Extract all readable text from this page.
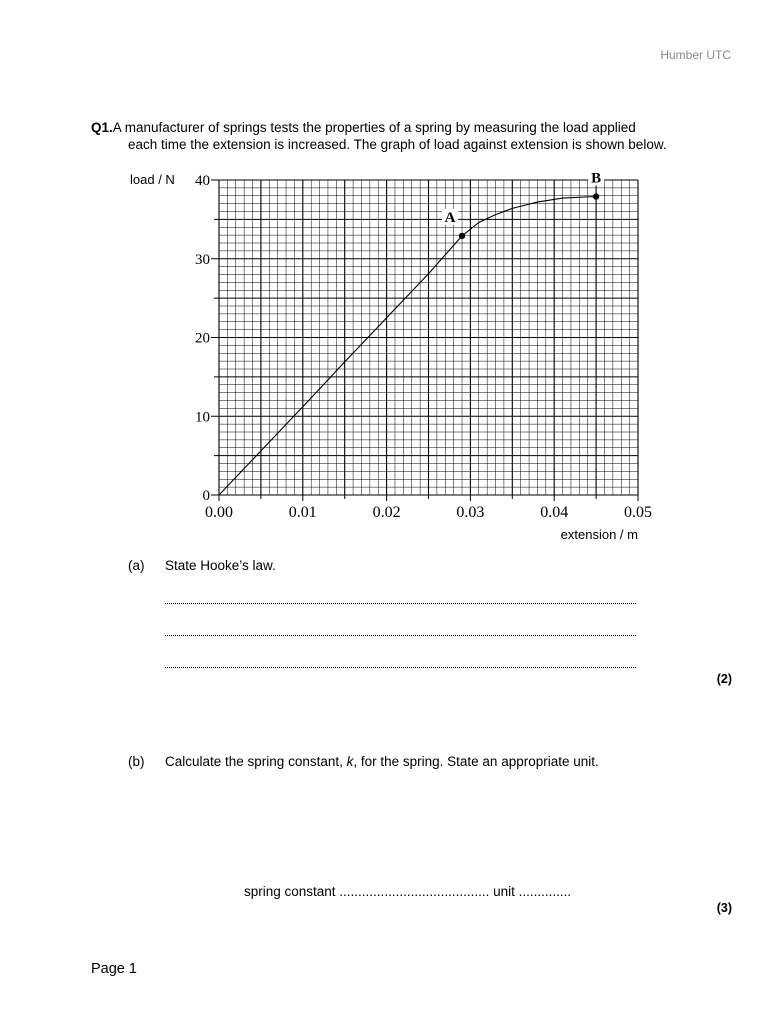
Humber UTC
Q1.A manufacturer of springs tests the properties of a spring by measuring the load applied
each time the extension is increased. The graph of load against extension is shown below.
0
10
20
30
40
0.00	0.01	0.02	0.03	0.04	0.05
A
B
load / N
extension / m
(a) State Hooke’s law.
(2)
(b) Calculate the spring constant, k, for the spring. State an appropriate unit.
spring constant ........................................ unit ..............
(3)
Page 1
